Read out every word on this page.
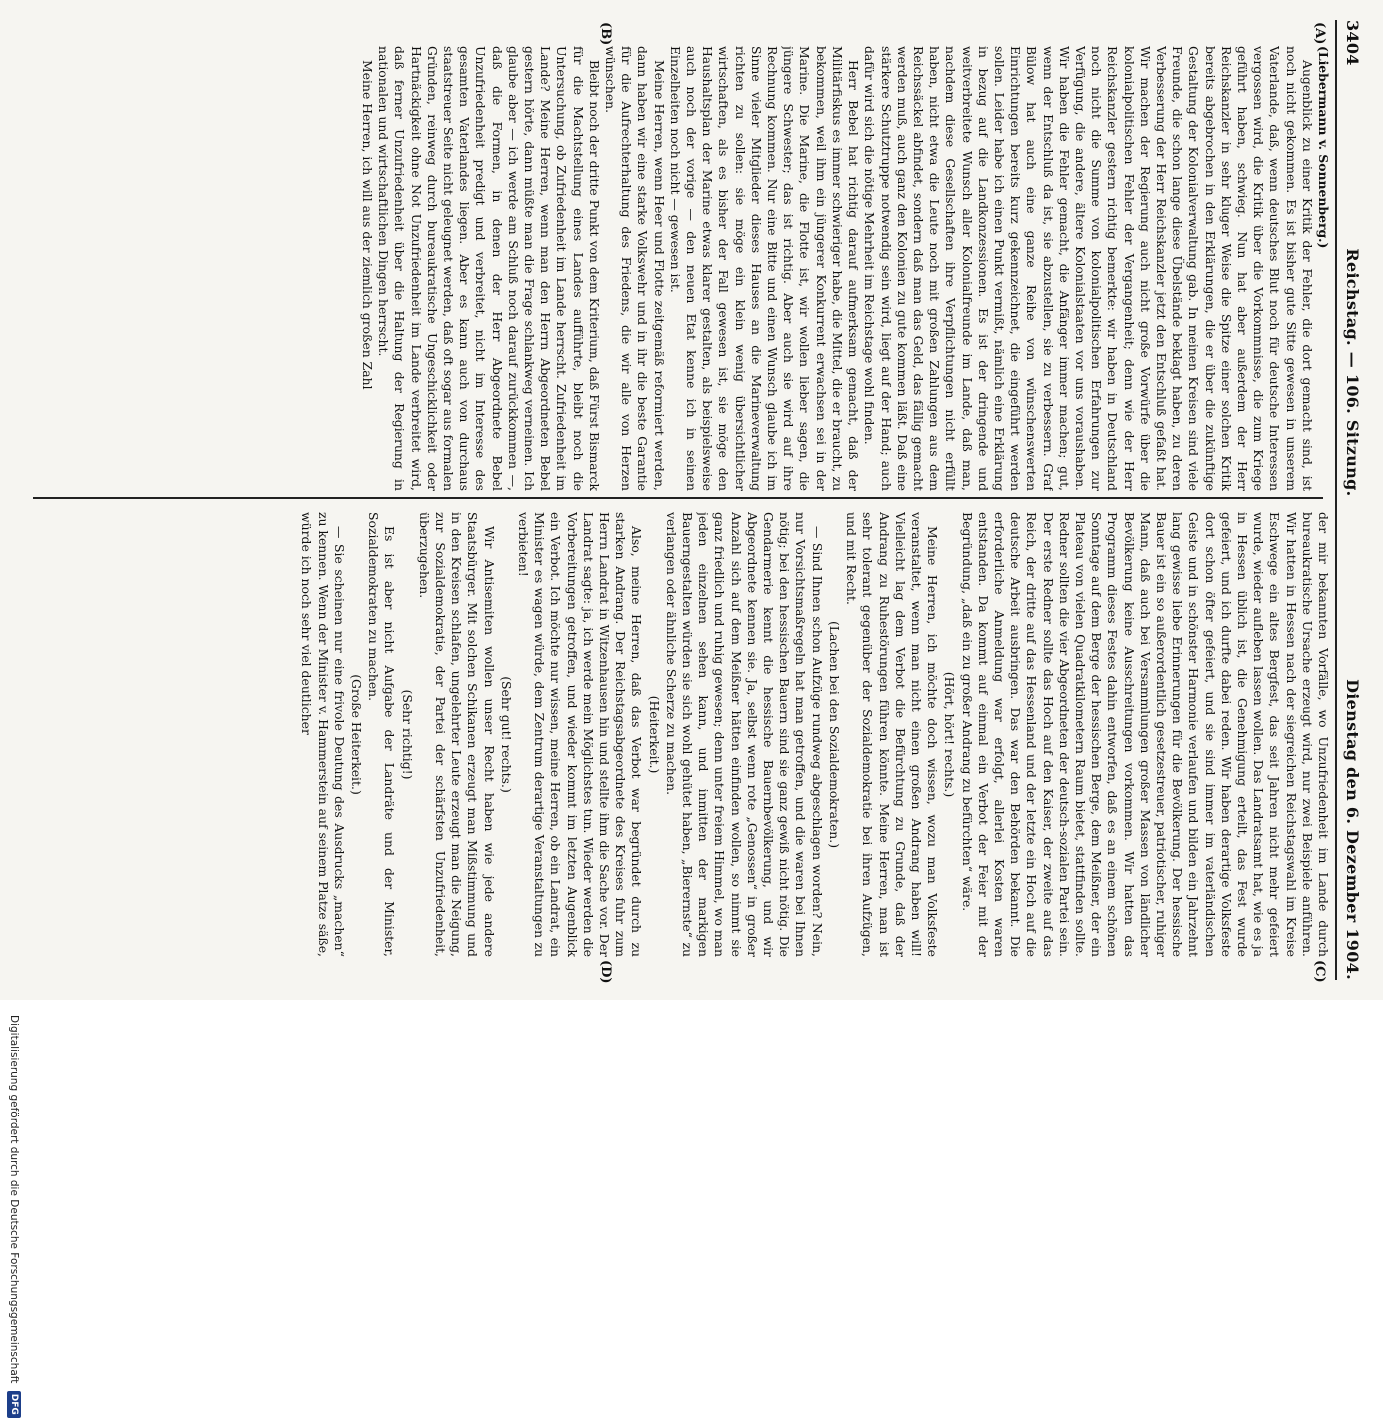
3404
Reichstag. — 106. Sitzung.
Dienstag den 6. Dezember 1904.
(A)
(B)
(C)
(D)

(Liebermann v. Sonnenberg.)

Augenblick zu einer Kritik der Fehler, die dort gemacht sind, ist noch nicht gekommen. Es ist bisher gute Sitte gewesen in unserem Vaterlande, daß, wenn deutsches Blut noch für deutsche Interessen vergossen wird, die Kritik über die Vorkommnisse, die zum Kriege geführt haben, schwieg. Nun hat aber außerdem der Herr Reichskanzler in sehr kluger Weise die Spitze einer solchen Kritik bereits abgebrochen in den Erklärungen, die er über die zukünftige Gestaltung der Kolonialverwaltung gab. In meinen Kreisen sind viele Freunde, die schon lange diese Übelstände beklagt haben, zu deren Verbesserung der Herr Reichskanzler jetzt den Entschluß gefaßt hat. Wir machen der Regierung auch nicht große Vorwürfe über die kolonialpolitischen Fehler der Vergangenheit; denn wie der Herr Reichskanzler gestern richtig bemerkte: wir haben in Deutschland noch nicht die Summe von kolonialpolitischen Erfahrungen zur Verfügung, die andere, ältere Kolonialstaaten vor uns voraushaben. Wir haben die Fehler gemacht, die Anfänger immer machen; gut, wenn der Entschluß da ist, sie abzustellen, sie zu verbessern. Graf Bülow hat auch eine ganze Reihe von wünschenswerten Einrichtungen bereits kurz gekennzeichnet, die eingeführt werden sollen. Leider habe ich einen Punkt vermißt, nämlich eine Erklärung in bezug auf die Landkonzessionen. Es ist der dringende und weitverbreitete Wunsch aller Kolonialfreunde im Lande, daß man, nachdem diese Gesellschaften ihre Verpflichtungen nicht erfüllt haben, nicht etwa die Leute noch mit großen Zahlungen aus dem Reichssäckel abfindet, sondern daß man das Geld, das fällig gemacht werden muß, auch ganz den Kolonien zu gute kommen läßt. Daß eine stärkere Schutztruppe notwendig sein wird, liegt auf der Hand; auch dafür wird sich die nötige Mehrheit im Reichstage wohl finden.

Herr Bebel hat richtig darauf aufmerksam gemacht, daß der Militärfiskus es immer schwieriger habe, die Mittel, die er braucht, zu bekommen, weil ihm ein jüngerer Konkurrent erwachsen sei in der Marine. Die Marine, die Flotte ist, wir wollen lieber sagen, die jüngere Schwester; das ist richtig. Aber auch sie wird auf ihre Rechnung kommen. Nur eine Bitte und einen Wunsch glaube ich im Sinne vieler Mitglieder dieses Hauses an die Marineverwaltung richten zu sollen: sie möge ein klein wenig übersichtlicher wirtschaften, als es bisher der Fall gewesen ist, sie möge den Haushaltsplan der Marine etwas klarer gestalten, als beispielsweise auch noch der vorige — den neuen Etat kenne ich in seinen Einzelheiten noch nicht — gewesen ist.

Meine Herren, wenn Heer und Flotte zeitgemäß reformiert werden, dann haben wir eine starke Volkswehr und in ihr die beste Garantie für die Aufrechterhaltung des Friedens, die wir alle von Herzen wünschen.

Bleibt noch der dritte Punkt von dem Kriterium, daß Fürst Bismarck für die Machtstellung eines Landes aufführte, bleibt noch die Untersuchung, ob Zufriedenheit im Lande herrscht. Zufriedenheit im Lande? Meine Herren, wenn man den Herrn Abgeordneten Bebel gestern hörte, dann müßte man die Frage schlankweg verneinen. Ich glaube aber — ich werde am Schluß noch darauf zurückkommen —, daß die Formen, in denen der Herr Abgeordnete Bebel Unzufriedenheit predigt und verbreitet, nicht im Interesse des gesamten Vaterlandes liegen. Aber es kann auch von durchaus staatstreuer Seite nicht geleugnet werden, daß oft sogar aus formalen Gründen, reinweg durch bureaukratische Ungeschicklichkeit oder Hartnäckigkeit ohne Not Unzufriedenheit im Lande verbreitet wird, daß ferner Unzufriedenheit über die Haltung der Regierung in nationalen und wirtschaftlichen Dingen herrscht.

Meine Herren, ich will aus der ziemlich großen Zahl

der mir bekannten Vorfälle, wo Unzufriedenheit im Lande durch bureaukratische Ursache erzeugt wird, nur zwei Beispiele anführen. Wir hatten in Hessen nach der siegreichen Reichstagswahl im Kreise Eschwege ein altes Bergfest, das seit Jahren nicht mehr gefeiert wurde, wieder aufleben lassen wollen. Das Landratsamt hat, wie es ja in Hessen üblich ist, die Genehmigung erteilt, das Fest wurde gefeiert, und ich durfte dabei reden. Wir haben derartige Volksfeste dort schon öfter gefeiert, und sie sind immer im vaterländischen Geiste und in schönster Harmonie verlaufen und bilden ein Jahrzehnt lang gewisse liebe Erinnerungen für die Bevölkerung. Der hessische Bauer ist ein so außerordentlich gesetzestreuer, patriotischer, ruhiger Mann, daß auch bei Versammlungen großer Massen von ländlicher Bevölkerung keine Ausschreitungen vorkommen. Wir hatten das Programm dieses Festes dahin entworfen, daß es an einem schönen Sonntage auf dem Berge der hessischen Berge, dem Meißner, der ein Plateau von vielen Quadratkilometern Raum bietet, stattfinden sollte. Redner sollten die vier Abgeordneten der deutsch-sozialen Partei sein. Der erste Redner sollte das Hoch auf den Kaiser, der zweite auf das Reich, der dritte auf das Hessenland und der letzte ein Hoch auf die deutsche Arbeit ausbringen. Das war den Behörden bekannt. Die erforderliche Anmeldung war erfolgt, allerlei Kosten waren entstanden. Da kommt auf einmal ein Verbot der Feier mit der Begründung, „daß ein zu großer Andrang zu befürchten“ wäre.

(Hört, hört! rechts.)

Meine Herren, ich möchte doch wissen, wozu man Volksfeste veranstaltet, wenn man nicht einen großen Andrang haben will! Vielleicht lag dem Verbot die Befürchtung zu Grunde, daß der Andrang zu Ruhestörungen führen könnte. Meine Herren, man ist sehr tolerant gegenüber der Sozialdemokratie bei ihren Aufzügen, und mit Recht.

(Lachen bei den Sozialdemokraten.)

— Sind Ihnen schon Aufzüge rundweg abgeschlagen worden? Nein, nur Vorsichtsmaßregeln hat man getroffen, und die waren bei Ihnen nötig; bei den hessischen Bauern sind sie ganz gewiß nicht nötig. Die Gendarmerie kennt die hessische Bauernbevölkerung, und wir Abgeordnete kennen sie. Ja, selbst wenn rote „Genossen“ in großer Anzahl sich auf dem Meißner hätten einfinden wollen, so nimmt sie ganz friedlich und ruhig gewesen; denn unter freiem Himmel, wo man jeden einzelnen sehen kann, und inmitten der markigen Bauerngestalten würden sie sich wohl gehütet haben, „Bierernste“ zu verlangen oder ähnliche Scherze zu machen.

(Heiterkeit.)

Also, meine Herren, daß das Verbot war begründet durch zu starken Andrang. Der Reichstagsabgeordnete des Kreises fuhr zum Herrn Landrat in Witzenhausen hin und stellte ihm die Sache vor. Der Landrat sagte: ja, ich werde mein Möglichstes tun. Wieder werden die Vorbereitungen getroffen, und wieder kommt im letzten Augenblick ein Verbot. Ich möchte nur wissen, meine Herren, ob ein Landrat, ein Minister es wagen würde, dem Zentrum derartige Veranstaltungen zu verbieten!

(Sehr gut! rechts.)

Wir Antisemiten wollen unser Recht haben wie jede andere Staatsbürger. Mit solchen Schikanen erzeugt man Mißstimmung und in den Kreisen schlafen, ungelehrter Leute erzeugt man die Neigung, zur Sozialdemokratie, der Partei der schärfsten Unzufriedenheit, überzugehen.

(Sehr richtig!)

Es ist aber nicht Aufgabe der Landräte und der Minister, Sozialdemokraten zu machen.

(Große Heiterkeit.)

— Sie scheinen nur eine frivole Deutung des Ausdrucks „machen“ zu kennen. Wenn der Minister v. Hammerstein auf seinem Platze säße, würde ich noch sehr viel deutlicher

Digitalisierung gefördert durch die Deutsche Forschungsgemeinschaft DFG
